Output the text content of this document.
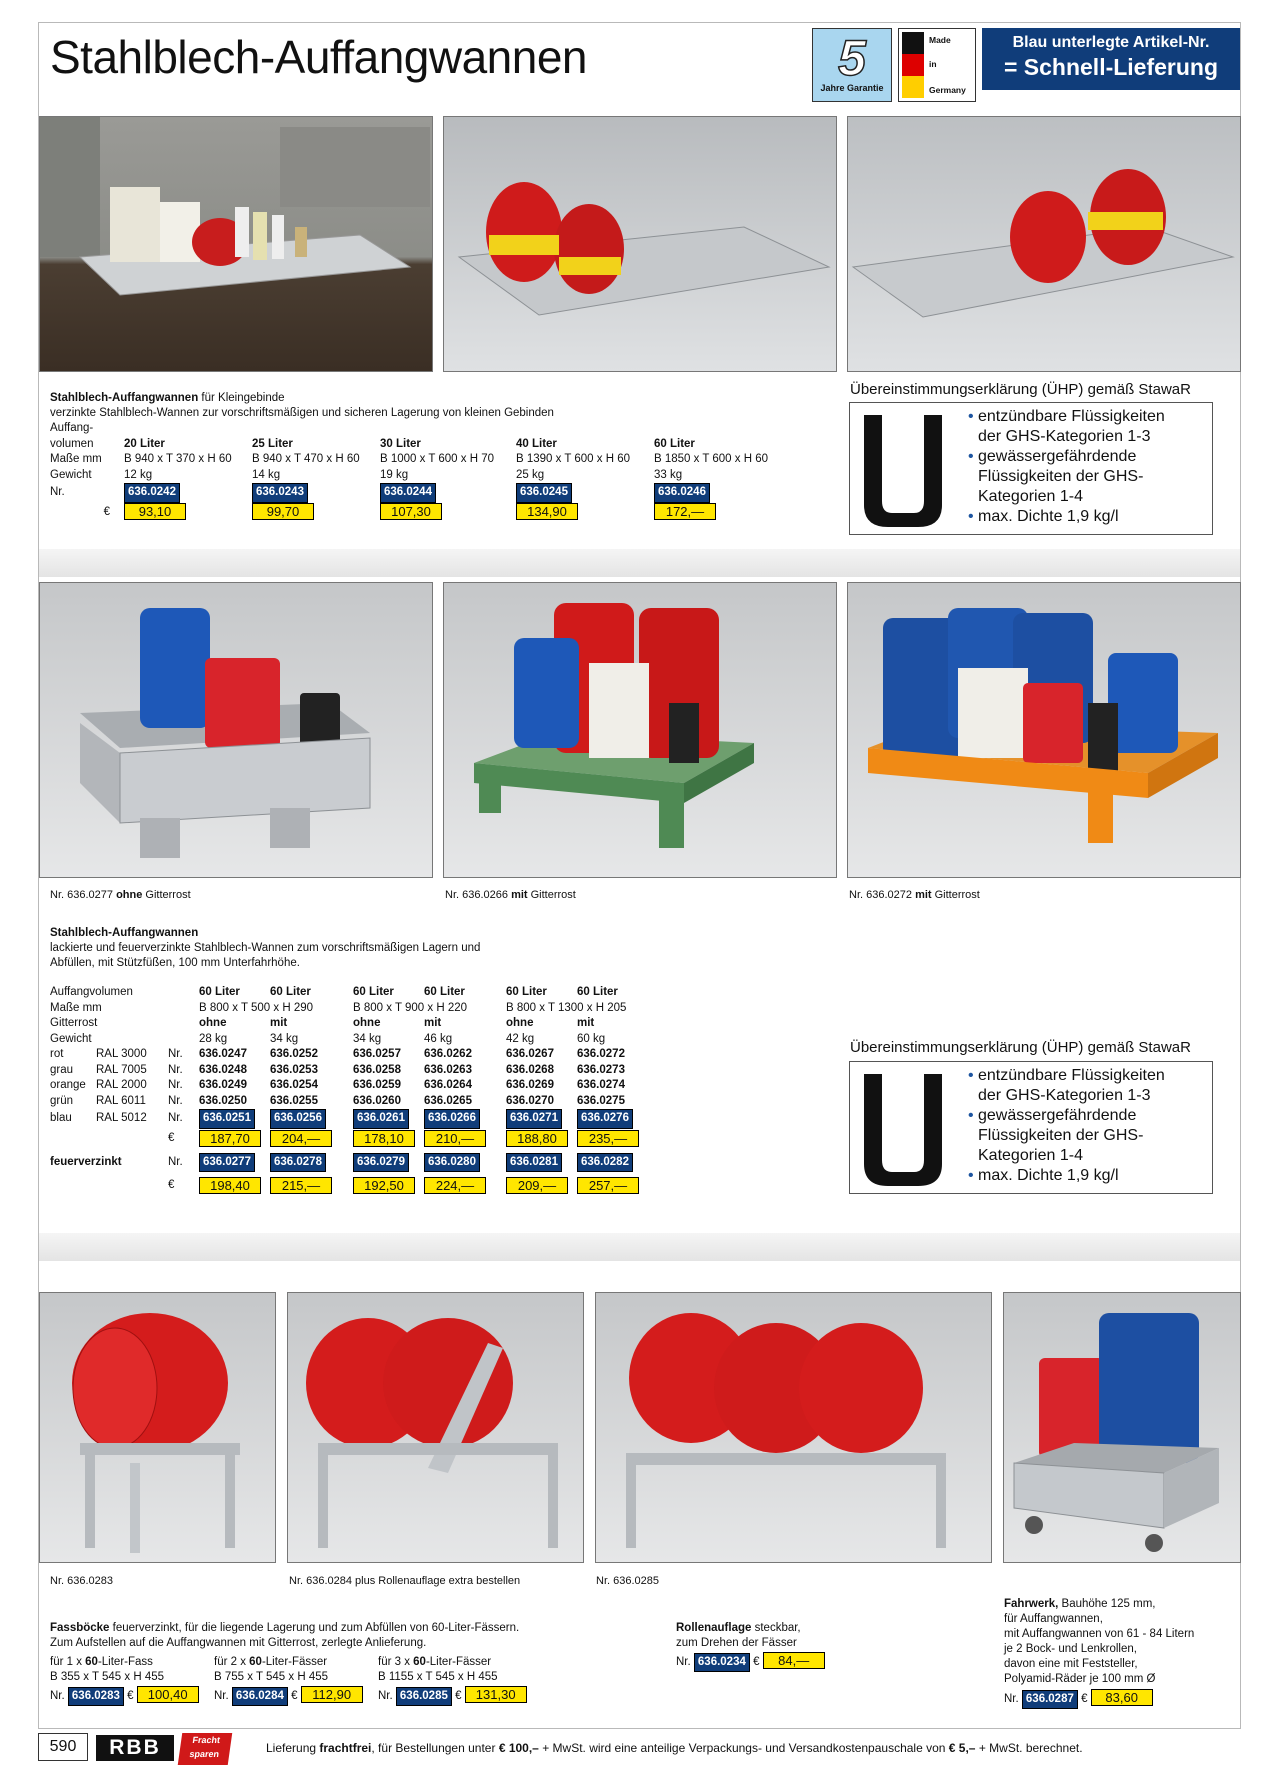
Stahlblech-Auffangwannen	5
Jahre Garantie
Made
in
Germany
Blau unterlegte Artikel-Nr.
= Schnell-Lieferung
Stahlblech-Auffangwannen für Kleingebinde
verzinkte Stahlblech-Wannen zur vorschriftsmäßigen und sicheren Lagerung von kleinen Gebinden
Auffang-					
volumen	20 Liter	25 Liter	30 Liter	40 Liter	60 Liter
Maße mm	B 940 x T 370 x H 60	B 940 x T 470 x H 60	B 1000 x T 600 x H 70	B 1390 x T 600 x H 60	B 1850 x T 600 x H 60
Gewicht	12 kg	14 kg	19 kg	25 kg	33 kg
Nr.	636.0242	636.0243	636.0244	636.0245	636.0246
€	93,10	99,70	107,30	134,90	172,—
Übereinstimmungserklärung (ÜHP) gemäß StawaR
• entzündbare Flüssigkeiten
der GHS-Kategorien 1-3
• gewässergefährdende
Flüssigkeiten der GHS-
Kategorien 1-4
• max. Dichte 1,9 kg/l
Nr. 636.0277 ohne Gitterrost	Nr. 636.0266 mit Gitterrost	Nr. 636.0272 mit Gitterrost
Stahlblech-Auffangwannen
lackierte und feuerverzinkte Stahlblech-Wannen zum vorschriftsmäßigen Lagern und
Abfüllen, mit Stützfüßen, 100 mm Unterfahrhöhe.
Auffangvolumen			60 Liter	60 Liter	60 Liter	60 Liter	60 Liter	60 Liter
Maße mm			B 800 x T 500 x H 290		B 800 x T 900 x H 220		B 800 x T 1300 x H 205	
Gitterrost			ohne	mit	ohne	mit	ohne	mit
Gewicht			28 kg	34 kg	34 kg	46 kg	42 kg	60 kg
rot	RAL 3000	Nr.	636.0247	636.0252	636.0257	636.0262	636.0267	636.0272
grau	RAL 7005	Nr.	636.0248	636.0253	636.0258	636.0263	636.0268	636.0273
orange	RAL 2000	Nr.	636.0249	636.0254	636.0259	636.0264	636.0269	636.0274
grün	RAL 6011	Nr.	636.0250	636.0255	636.0260	636.0265	636.0270	636.0275
blau	RAL 5012	Nr.	636.0251	636.0256	636.0261	636.0266	636.0271	636.0276
		€	187,70	204,—	178,10	210,—	188,80	235,—
feuerverzinkt		Nr.	636.0277	636.0278	636.0279	636.0280	636.0281	636.0282
		€	198,40	215,—	192,50	224,—	209,—	257,—
Übereinstimmungserklärung (ÜHP) gemäß StawaR
• entzündbare Flüssigkeiten
der GHS-Kategorien 1-3
• gewässergefährdende
Flüssigkeiten der GHS-
Kategorien 1-4
• max. Dichte 1,9 kg/l
Nr. 636.0283	Nr. 636.0284 plus Rollenauflage extra bestellen	Nr. 636.0285
Fassböcke feuerverzinkt, für die liegende Lagerung und zum Abfüllen von 60-Liter-Fässern.
Zum Aufstellen auf die Auffangwannen mit Gitterrost, zerlegte Anlieferung.
für 1 x 60-Liter-Fass
B 355 x T 545 x H 455
Nr. 636.0283 € 100,40
für 2 x 60-Liter-Fässer
B 755 x T 545 x H 455
Nr. 636.0284 € 112,90
für 3 x 60-Liter-Fässer
B 1155 x T 545 x H 455
Nr. 636.0285 € 131,30
Rollenauflage steckbar,
zum Drehen der Fässer
Nr. 636.0234 € 84,—
Fahrwerk, Bauhöhe 125 mm,
für Auffangwannen,
mit Auffangwannen von 61 - 84 Litern
je 2 Bock- und Lenkrollen,
davon eine mit Feststeller,
Polyamid-Räder je 100 mm Ø
Nr. 636.0287 € 83,60
590	RBB	Fracht
sparen	Lieferung frachtfrei, für Bestellungen unter € 100,– + MwSt. wird eine anteilige Verpackungs- und Versandkostenpauschale von € 5,– + MwSt. berechnet.
